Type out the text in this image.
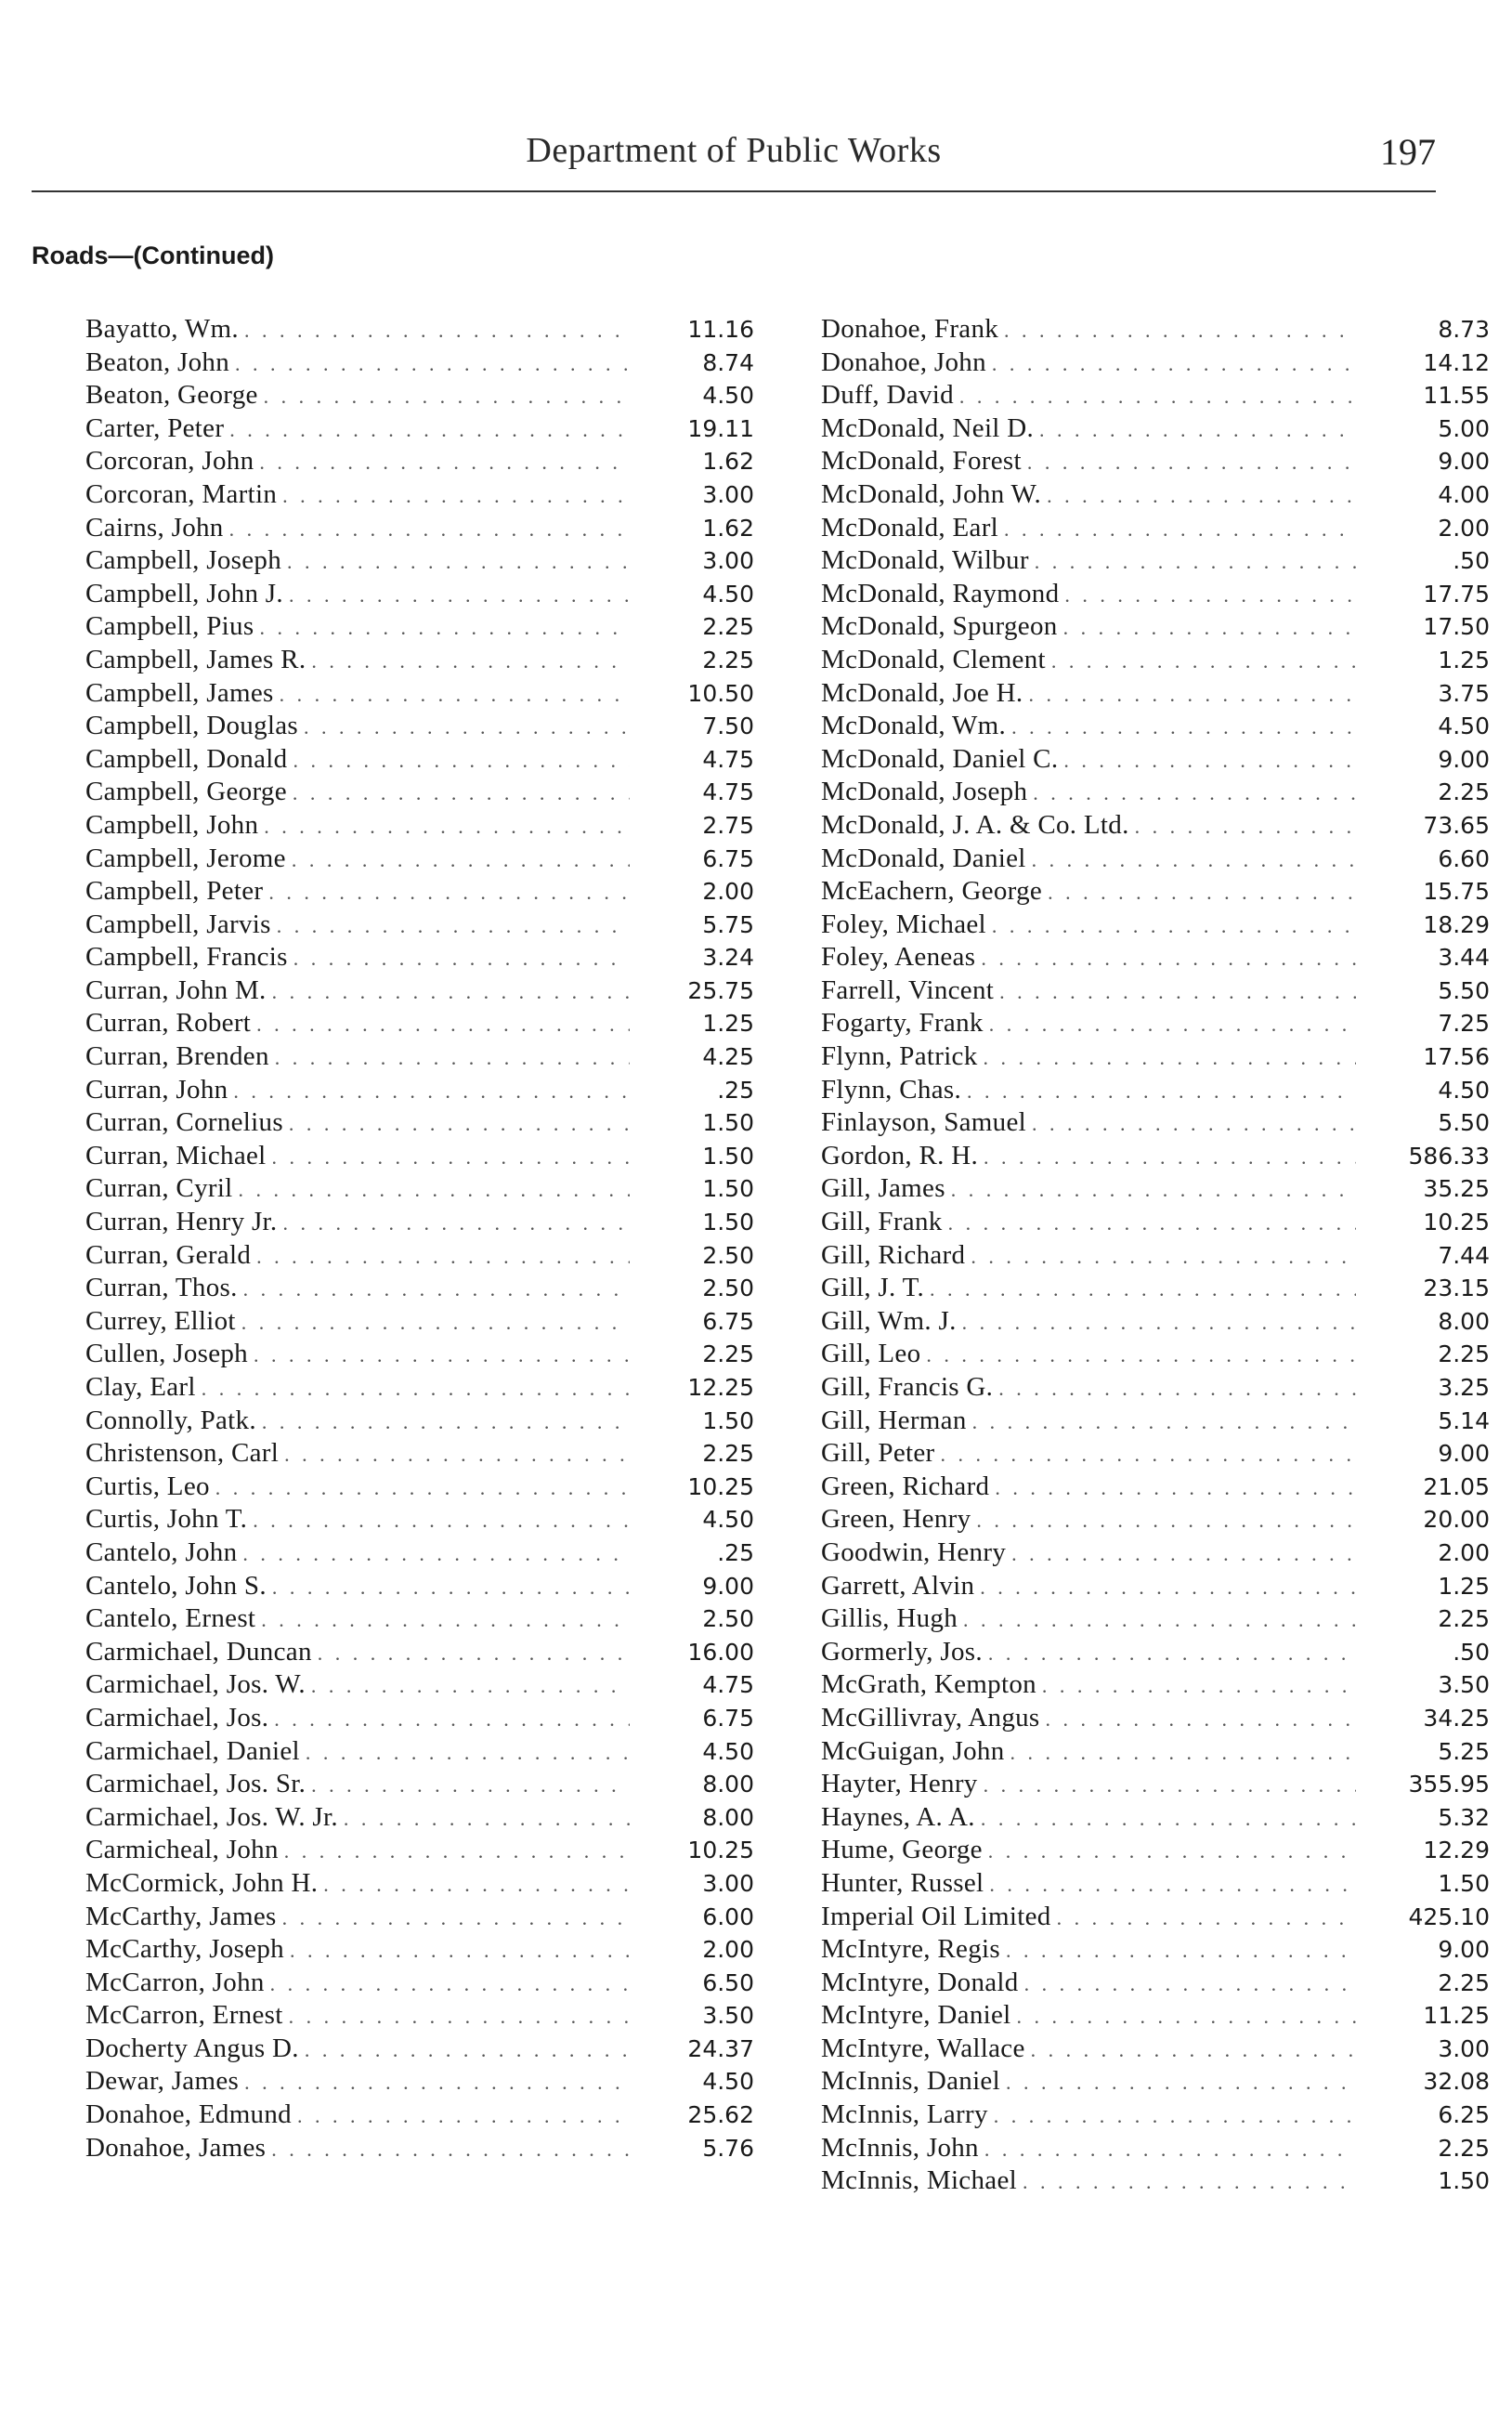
Department of Public Works	197
Roads—(Continued)
Bayatto, Wm. . . .	11.16
Beaton, John . . .	8.74
Beaton, George . . .	4.50
Carter, Peter . . .	19.11
Corcoran, John . . .	1.62
Corcoran, Martin . . .	3.00
Cairns, John . . .	1.62
Campbell, Joseph . . .	3.00
Campbell, John J. . . .	4.50
Campbell, Pius . . .	2.25
Campbell, James R. . . .	2.25
Campbell, James . . .	10.50
Campbell, Douglas . . .	7.50
Campbell, Donald . . .	4.75
Campbell, George . . .	4.75
Campbell, John . . .	2.75
Campbell, Jerome . . .	6.75
Campbell, Peter . . .	2.00
Campbell, Jarvis . . .	5.75
Campbell, Francis . . .	3.24
Curran, John M. . . .	25.75
Curran, Robert . . .	1.25
Curran, Brenden . . .	4.25
Curran, John . . .	.25
Curran, Cornelius . . .	1.50
Curran, Michael . . .	1.50
Curran, Cyril . . .	1.50
Curran, Henry Jr. . . .	1.50
Curran, Gerald . . .	2.50
Curran, Thos. . . .	2.50
Currey, Elliot . . .	6.75
Cullen, Joseph . . .	2.25
Clay, Earl . . .	12.25
Connolly, Patk. . . .	1.50
Christenson, Carl . . .	2.25
Curtis, Leo . . .	10.25
Curtis, John T. . . .	4.50
Cantelo, John . . .	.25
Cantelo, John S. . . .	9.00
Cantelo, Ernest . . .	2.50
Carmichael, Duncan . . .	16.00
Carmichael, Jos. W. . . .	4.75
Carmichael, Jos. . . .	6.75
Carmichael, Daniel . . .	4.50
Carmichael, Jos. Sr. . . .	8.00
Carmichael, Jos. W. Jr. . . .	8.00
Carmicheal, John . . .	10.25
McCormick, John H. . . .	3.00
McCarthy, James . . .	6.00
McCarthy, Joseph . . .	2.00
McCarron, John . . .	6.50
McCarron, Ernest . . .	3.50
Docherty Angus D. . . .	24.37
Dewar, James . . .	4.50
Donahoe, Edmund . . .	25.62
Donahoe, James . . .	5.76
Donahoe, Frank . . .	8.73
Donahoe, John . . .	14.12
Duff, David . . .	11.55
McDonald, Neil D. . . .	5.00
McDonald, Forest . . .	9.00
McDonald, John W. . . .	4.00
McDonald, Earl . . .	2.00
McDonald, Wilbur . . .	.50
McDonald, Raymond . . .	17.75
McDonald, Spurgeon . . .	17.50
McDonald, Clement . . .	1.25
McDonald, Joe H. . . .	3.75
McDonald, Wm. . . .	4.50
McDonald, Daniel C. . . .	9.00
McDonald, Joseph . . .	2.25
McDonald, J. A. & Co. Ltd. . . .	73.65
McDonald, Daniel . . .	6.60
McEachern, George . . .	15.75
Foley, Michael . . .	18.29
Foley, Aeneas . . .	3.44
Farrell, Vincent . . .	5.50
Fogarty, Frank . . .	7.25
Flynn, Patrick . . .	17.56
Flynn, Chas. . . .	4.50
Finlayson, Samuel . . .	5.50
Gordon, R. H. . . .	586.33
Gill, James . . .	35.25
Gill, Frank . . .	10.25
Gill, Richard . . .	7.44
Gill, J. T. . . .	23.15
Gill, Wm. J. . . .	8.00
Gill, Leo . . .	2.25
Gill, Francis G. . . .	3.25
Gill, Herman . . .	5.14
Gill, Peter . . .	9.00
Green, Richard . . .	21.05
Green, Henry . . .	20.00
Goodwin, Henry . . .	2.00
Garrett, Alvin . . .	1.25
Gillis, Hugh . . .	2.25
Gormerly, Jos. . . .	.50
McGrath, Kempton . . .	3.50
McGillivray, Angus . . .	34.25
McGuigan, John . . .	5.25
Hayter, Henry . . .	355.95
Haynes, A. A. . . .	5.32
Hume, George . . .	12.29
Hunter, Russel . . .	1.50
Imperial Oil Limited . . .	425.10
McIntyre, Regis . . .	9.00
McIntyre, Donald . . .	2.25
McIntyre, Daniel . . .	11.25
McIntyre, Wallace . . .	3.00
McInnis, Daniel . . .	32.08
McInnis, Larry . . .	6.25
McInnis, John . . .	2.25
McInnis, Michael . . .	1.50
